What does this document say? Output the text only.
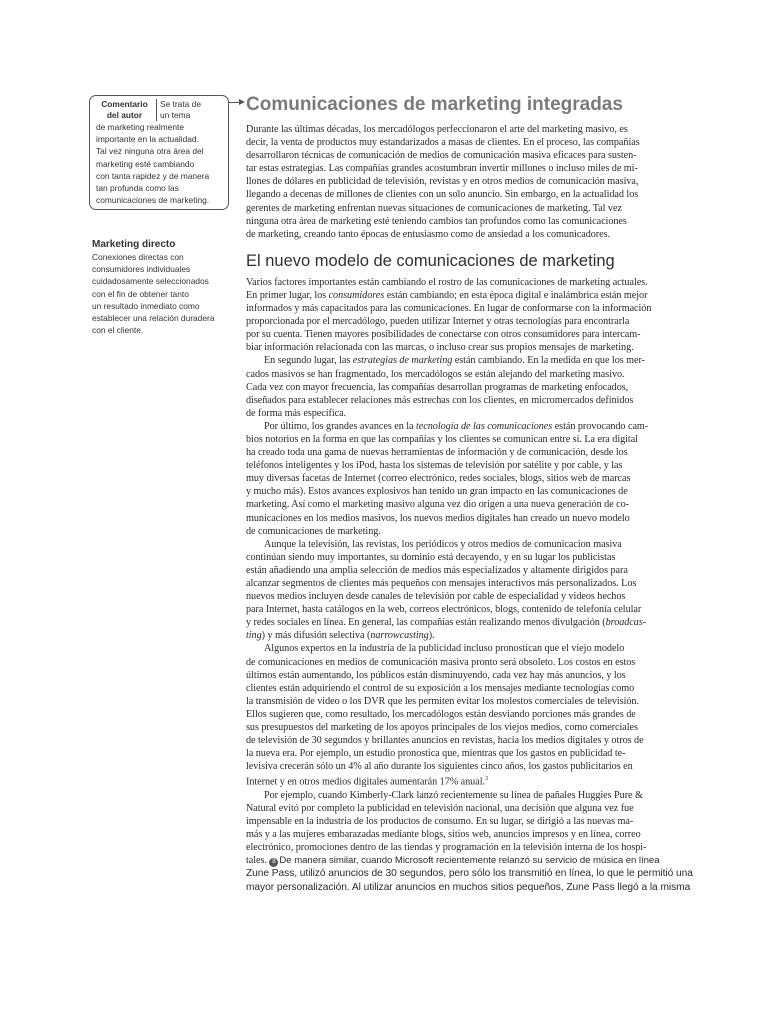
Comentario
del autor
Se trata de
un tema
de marketing realmente
importante en la actualidad.
Tal vez ninguna otra área del
marketing esté cambiando
con tanta rapidez y de manera
tan profunda como las
comunicaciones de marketing.
Marketing directo
Conexiones directas con
consumidores individuales
cuidadosamente seleccionados
con el fin de obtener tanto
un resultado inmediato como
establecer una relación duradera
con el cliente.
Comunicaciones de marketing integradas
Durante las últimas décadas, los mercadólogos perfeccionaron el arte del marketing masivo, es
decir, la venta de productos muy estandarizados a masas de clientes. En el proceso, las compañías
desarrollaron técnicas de comunicación de medios de comunicación masiva eficaces para susten-
tar estas estrategias. Las compañías grandes acostumbran invertir millones o incluso miles de mi-
llones de dólares en publicidad de televisión, revistas y en otros medios de comunicación masiva,
llegando a decenas de millones de clientes con un solo anuncio. Sin embargo, en la actualidad los
gerentes de marketing enfrentan nuevas situaciones de comunicaciones de marketing. Tal vez
ninguna otra área de marketing esté teniendo cambios tan profundos como las comunicaciones
de marketing, creando tanto épocas de entusiasmo como de ansiedad a los comunicadores.
El nuevo modelo de comunicaciones de marketing
Varios factores importantes están cambiando el rostro de las comunicaciones de marketing actuales.
En primer lugar, los consumidores están cambiando; en esta época digital e inalámbrica están mejor
informados y más capacitados para las comunicaciones. En lugar de conformarse con la información
proporcionada por el mercadólogo, pueden utilizar Internet y otras tecnologías para encontrarla
por su cuenta. Tienen mayores posibilidades de conectarse con otros consumidores para intercam-
biar información relacionada con las marcas, o incluso crear sus propios mensajes de marketing.
En segundo lugar, las estrategias de marketing están cambiando. En la medida en que los mer-
cados masivos se han fragmentado, los mercadólogos se están alejando del marketing masivo.
Cada vez con mayor frecuencia, las compañías desarrollan programas de marketing enfocados,
diseñados para establecer relaciones más estrechas con los clientes, en micromercados definidos
de forma más específica.
Por último, los grandes avances en la tecnología de las comunicaciones están provocando cam-
bios notorios en la forma en que las compañías y los clientes se comunican entre sí. La era digital
ha creado toda una gama de nuevas herramientas de información y de comunicación, desde los
teléfonos inteligentes y los iPod, hasta los sistemas de televisión por satélite y por cable, y las
muy diversas facetas de Internet (correo electrónico, redes sociales, blogs, sitios web de marcas
y mucho más). Estos avances explosivos han tenido un gran impacto en las comunicaciones de
marketing. Así como el marketing masivo alguna vez dio origen a una nueva generación de co-
municaciones en los medios masivos, los nuevos medios digitales han creado un nuevo modelo
de comunicaciones de marketing.
Aunque la televisión, las revistas, los periódicos y otros medios de comunicacion masiva
continúan siendo muy importantes, su dominio está decayendo, y en su lugar los publicistas
están añadiendo una amplia selección de medios más especializados y altamente dirigidos para
alcanzar segmentos de clientes más pequeños con mensajes interactivos más personalizados. Los
nuevos medios incluyen desde canales de televisión por cable de especialidad y videos hechos
para Internet, hasta catálogos en la web, correos electrónicos, blogs, contenido de telefonía celular
y redes sociales en línea. En general, las compañías están realizando menos divulgación (broadcas-
ting) y más difusión selectiva (narrowcasting).
Algunos expertos en la industria de la publicidad incluso pronostican que el viejo modelo
de comunicaciones en medios de comunicación masiva pronto será obsoleto. Los costos en estos
últimos están aumentando, los públicos están disminuyendo, cada vez hay más anuncios, y los
clientes están adquiriendo el control de su exposición a los mensajes mediante tecnologías como
la transmisión de video o los DVR que les permiten evitar los molestos comerciales de televisión.
Ellos sugieren que, como resultado, los mercadólogos están desviando porciones más grandes de
sus presupuestos del marketing de los apoyos principales de los viejos medios, como comerciales
de televisión de 30 segundos y brillantes anuncios en revistas, hacia los medios digitales y otros de
la nueva era. Por ejemplo, un estudio pronostica que, mientras que los gastos en publicidad te-
levisiva crecerán sólo un 4% al año durante los siguientes cinco años, los gastos publicitarios en
Internet y en otros medios digitales aumentarán 17% anual.$^3$
Por ejemplo, cuando Kimberly-Clark lanzó recientemente su línea de pañales Huggies Pure &
Natural evitó por completo la publicidad en televisión nacional, una decisión que alguna vez fue
impensable en la industria de los productos de consumo. En su lugar, se dirigió a las nuevas ma-
más y a las mujeres embarazadas mediante blogs, sitios web, anuncios impresos y en línea, correo
electrónico, promociones dentro de las tiendas y programación en la televisión interna de los hospi-
tales. 8 De manera similar, cuando Microsoft recientemente relanzó su servicio de música en línea
Zune Pass, utilizó anuncios de 30 segundos, pero sólo los transmitió en línea, lo que le permitió una
mayor personalización. Al utilizar anuncios en muchos sitios pequeños, Zune Pass llegó a la misma
